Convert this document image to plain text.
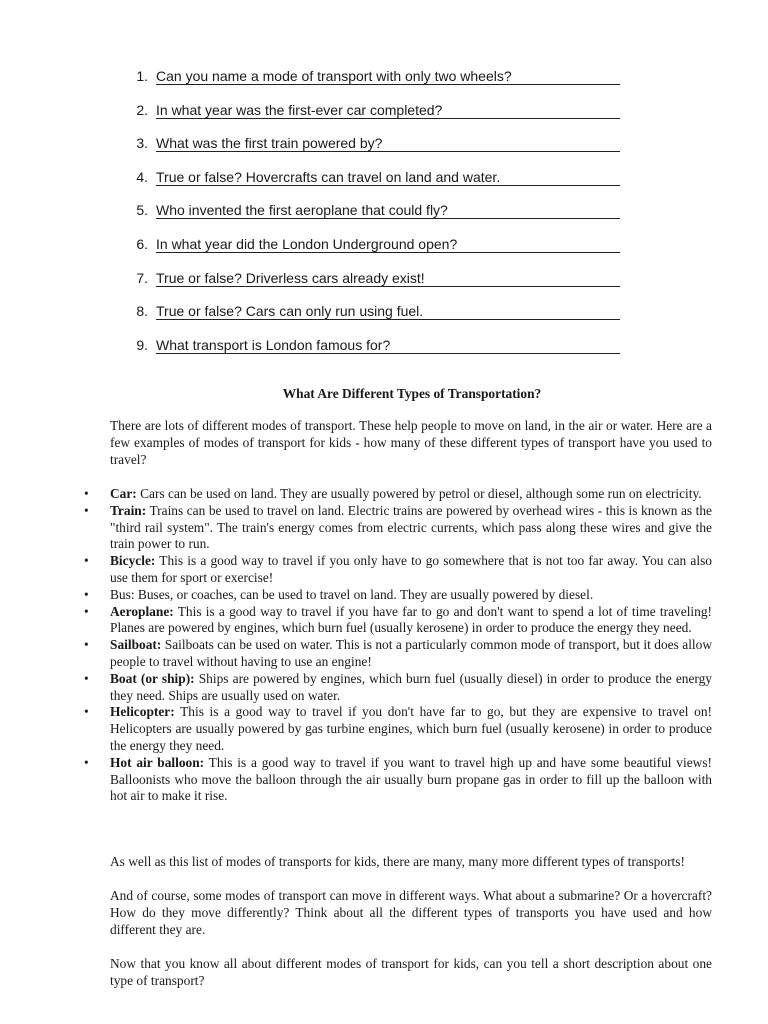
1. Can you name a mode of transport with only two wheels?
2. In what year was the first-ever car completed?
3. What was the first train powered by?
4. True or false? Hovercrafts can travel on land and water.
5. Who invented the first aeroplane that could fly?
6. In what year did the London Underground open?
7. True or false? Driverless cars already exist!
8. True or false? Cars can only run using fuel.
9. What transport is London famous for?
What Are Different Types of Transportation?

There are lots of different modes of transport. These help people to move on land, in the air or water. Here are a few examples of modes of transport for kids - how many of these different types of transport have you used to travel?

• Car: Cars can be used on land. They are usually powered by petrol or diesel, although some run on electricity.
• Train: Trains can be used to travel on land. Electric trains are powered by overhead wires - this is known as the "third rail system". The train's energy comes from electric currents, which pass along these wires and give the train power to run.
• Bicycle: This is a good way to travel if you only have to go somewhere that is not too far away. You can also use them for sport or exercise!
• Bus: Buses, or coaches, can be used to travel on land. They are usually powered by diesel.
• Aeroplane: This is a good way to travel if you have far to go and don't want to spend a lot of time traveling! Planes are powered by engines, which burn fuel (usually kerosene) in order to produce the energy they need.
• Sailboat: Sailboats can be used on water. This is not a particularly common mode of transport, but it does allow people to travel without having to use an engine!
• Boat (or ship): Ships are powered by engines, which burn fuel (usually diesel) in order to produce the energy they need. Ships are usually used on water.
• Helicopter: This is a good way to travel if you don't have far to go, but they are expensive to travel on! Helicopters are usually powered by gas turbine engines, which burn fuel (usually kerosene) in order to produce the energy they need.
• Hot air balloon: This is a good way to travel if you want to travel high up and have some beautiful views! Balloonists who move the balloon through the air usually burn propane gas in order to fill up the balloon with hot air to make it rise.

As well as this list of modes of transports for kids, there are many, many more different types of transports!

And of course, some modes of transport can move in different ways. What about a submarine? Or a hovercraft? How do they move differently? Think about all the different types of transports you have used and how different they are.

Now that you know all about different modes of transport for kids, can you tell a short description about one type of transport?
